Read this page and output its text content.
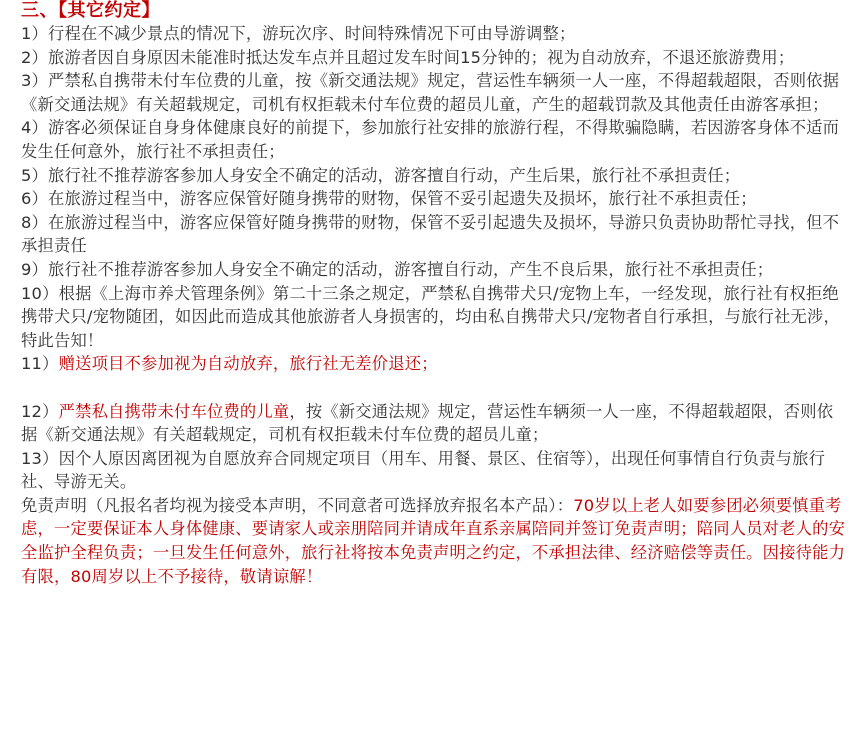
三、【其它约定】

1）行程在不减少景点的情况下，游玩次序、时间特殊情况下可由导游调整；

2）旅游者因自身原因未能准时抵达发车点并且超过发车时间15分钟的；视为自动放弃，不退还旅游费用；

3）严禁私自携带未付车位费的儿童，按《新交通法规》规定，营运性车辆须一人一座，不得超载超限，否则依据《新交通法规》有关超载规定，司机有权拒载未付车位费的超员儿童，产生的超载罚款及其他责任由游客承担；

4）游客必须保证自身身体健康良好的前提下，参加旅行社安排的旅游行程，不得欺骗隐瞒，若因游客身体不适而发生任何意外，旅行社不承担责任；

5）旅行社不推荐游客参加人身安全不确定的活动，游客擅自行动，产生后果，旅行社不承担责任；

6）在旅游过程当中，游客应保管好随身携带的财物，保管不妥引起遗失及损坏，旅行社不承担责任；

8）在旅游过程当中，游客应保管好随身携带的财物，保管不妥引起遗失及损坏，导游只负责协助帮忙寻找，但不承担责任

9）旅行社不推荐游客参加人身安全不确定的活动，游客擅自行动，产生不良后果，旅行社不承担责任；

10）根据《上海市养犬管理条例》第二十三条之规定，严禁私自携带犬只/宠物上车，一经发现，旅行社有权拒绝携带犬只/宠物随团，如因此而造成其他旅游者人身损害的，均由私自携带犬只/宠物者自行承担，与旅行社无涉，特此告知！

11）赠送项目不参加视为自动放弃，旅行社无差价退还；

12）严禁私自携带未付车位费的儿童，按《新交通法规》规定，营运性车辆须一人一座，不得超载超限，否则依据《新交通法规》有关超载规定，司机有权拒载未付车位费的超员儿童；

13）因个人原因离团视为自愿放弃合同规定项目（用车、用餐、景区、住宿等），出现任何事情自行负责与旅行社、导游无关。

免责声明（凡报名者均视为接受本声明，不同意者可选择放弃报名本产品）：70岁以上老人如要参团必须要慎重考虑，一定要保证本人身体健康、要请家人或亲朋陪同并请成年直系亲属陪同并签订免责声明；陪同人员对老人的安全监护全程负责；一旦发生任何意外，旅行社将按本免责声明之约定，不承担法律、经济赔偿等责任。因接待能力有限，80周岁以上不予接待，敬请谅解！
